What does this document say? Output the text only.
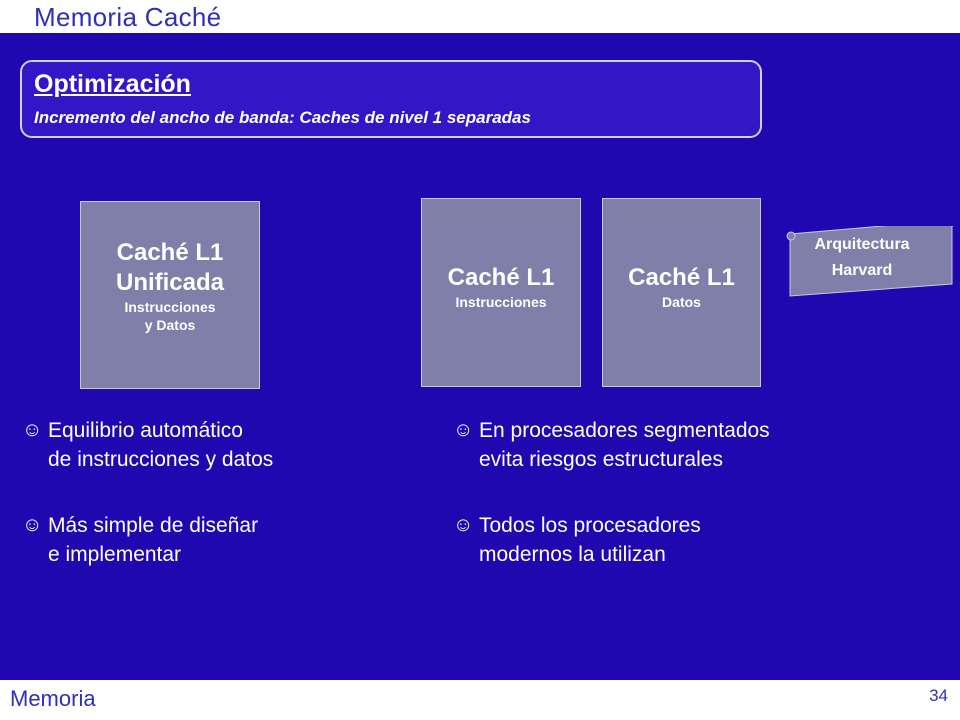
Memoria Caché
Optimización
Incremento del ancho de banda: Caches de nivel 1 separadas
Caché L1
Unificada
Instrucciones
y Datos
Caché L1
Instrucciones
Caché L1
Datos
Arquitectura
Harvard
☺ Equilibrio automático
de instrucciones y datos
☺ Más simple de diseñar
e implementar
☺ En procesadores segmentados
evita riesgos estructurales
☺ Todos los procesadores
modernos la utilizan
Memoria	34
